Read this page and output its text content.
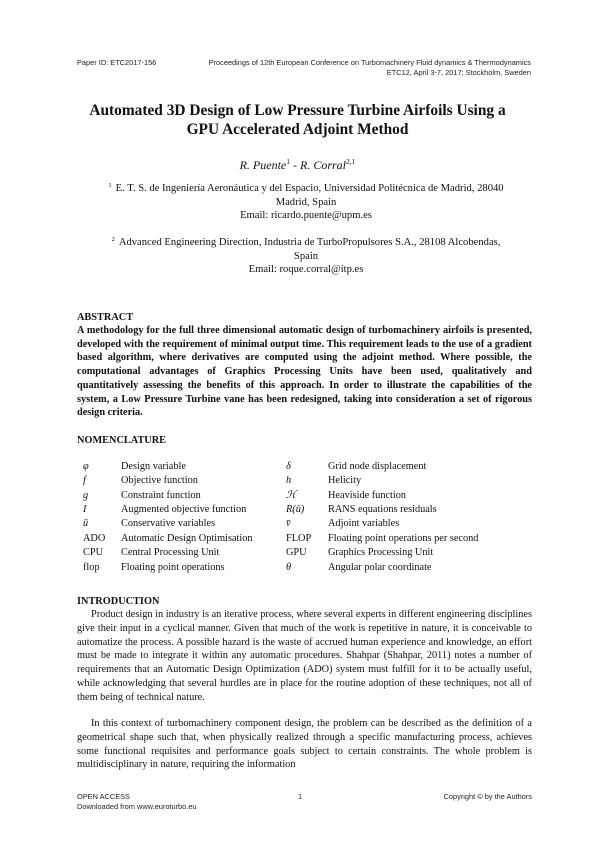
Paper ID: ETC2017-156	Proceedings of 12th European Conference on Turbomachinery Fluid dynamics & Thermodynamics
ETC12, April 3-7, 2017; Stockholm, Sweden
Automated 3D Design of Low Pressure Turbine Airfoils Using a
GPU Accelerated Adjoint Method
R. Puente$^1$ - R. Corral$^{2,1}$
$^1$ E. T. S. de Ingeniería Aeronáutica y del Espacio, Universidad Politécnica de Madrid, 28040
Madrid, Spain
Email: ricardo.puente@upm.es
$^2$ Advanced Engineering Direction, Industria de TurboPropulsores S.A., 28108 Alcobendas,
Spain
Email: roque.corral@itp.es
ABSTRACT
A methodology for the full three dimensional automatic design of turbomachinery airfoils is presented, developed with the requirement of minimal output time. This requirement leads to the use of a gradient based algorithm, where derivatives are computed using the adjoint method. Where possible, the computational advantages of Graphics Processing Units have been used, qualitatively and quantitatively assessing the benefits of this approach. In order to illustrate the capabilities of the system, a Low Pressure Turbine vane has been redesigned, taking into consideration a set of rigorous design criteria.
NOMENCLATURE
φ	Design variable	δ	Grid node displacement
f	Objective function	h	Helicity
g	Constraint function	ℋ	Heaviside function
I	Augmented objective function	R(ū)	RANS equations residuals
ū	Conservative variables	v̄	Adjoint variables
ADO	Automatic Design Optimisation	FLOP	Floating point operations per second
CPU	Central Processing Unit	GPU	Graphics Processing Unit
flop	Floating point operations	θ	Angular polar coordinate
INTRODUCTION

Product design in industry is an iterative process, where several experts in different engineering disciplines give their input in a cyclical manner. Given that much of the work is repetitive in nature, it is conceivable to automatize the process. A possible hazard is the waste of accrued human experience and knowledge, an effort must be made to integrate it within any automatic procedures. Shahpar (Shahpar, 2011) notes a number of requirements that an Automatic Design Optimization (ADO) system must fulfill for it to be actually useful, while acknowledging that several hurdles are in place for the routine adoption of these techniques, not all of them being of technical nature.

In this context of turbomachinery component design, the problem can be described as the definition of a geometrical shape such that, when physically realized through a specific manufacturing process, achieves some functional requisites and performance goals subject to certain constraints. The whole problem is multidisciplinary in nature, requiring the information

OPEN ACCESS
Downloaded from www.euroturbo.eu
1	Copyright © by the Authors
